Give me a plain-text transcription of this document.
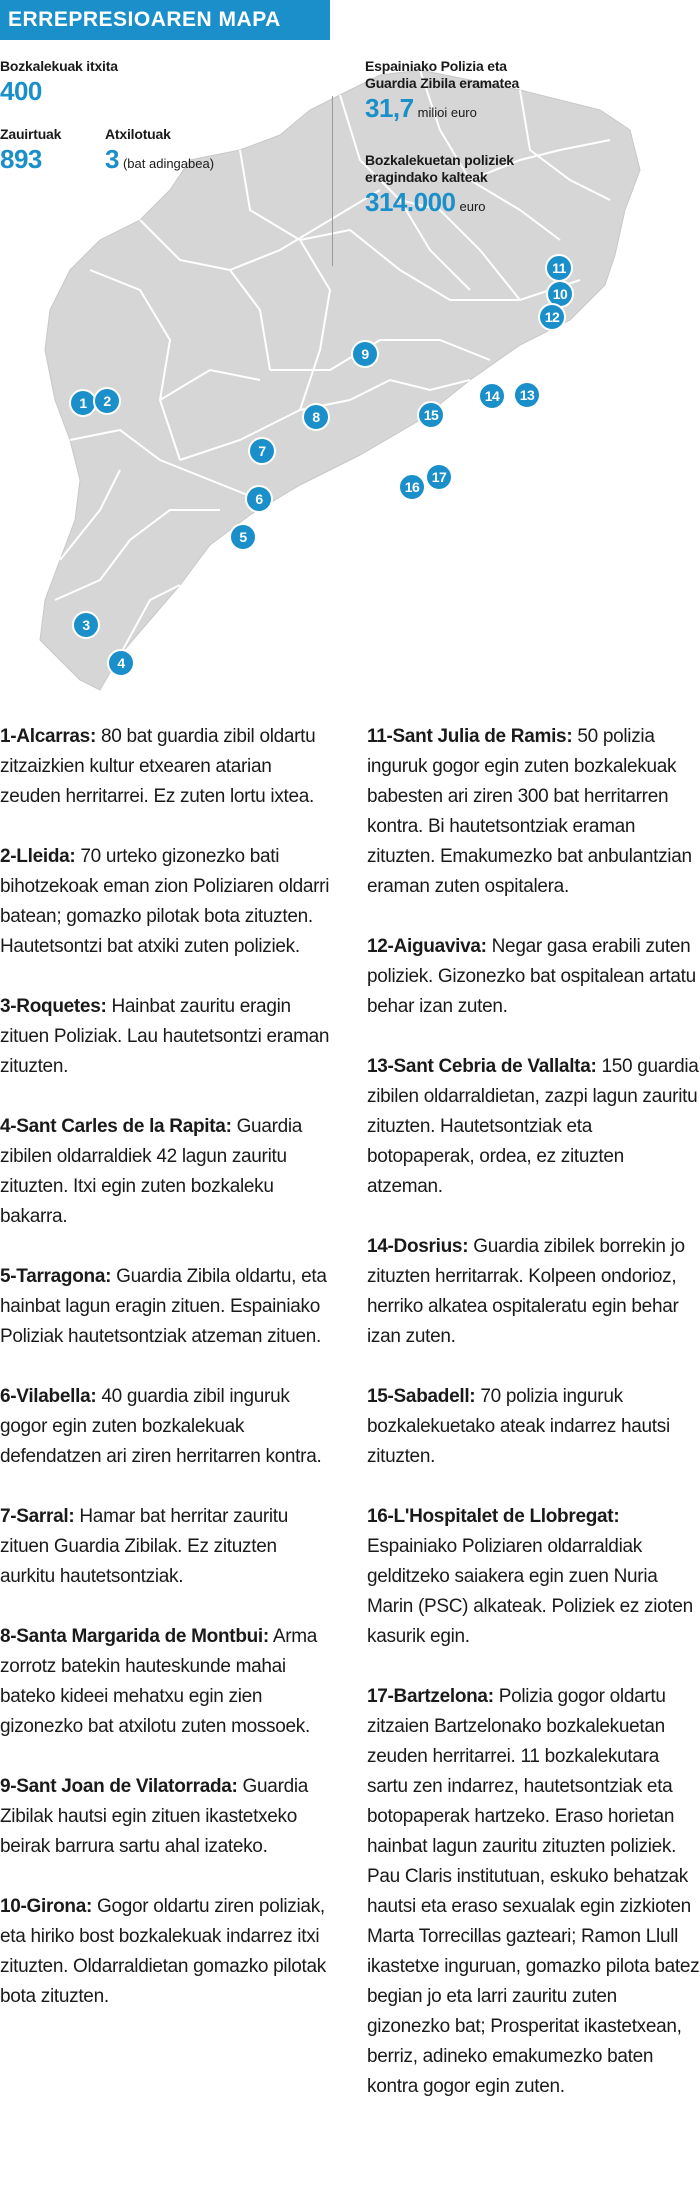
ERREPRESIOAREN MAPA
Bozkalekuak itxita
400
Zauirtuak
893
Atxilotuak
3 (bat adingabea)
Espainiako Polizia eta
Guardia Zibila eramatea
31,7 milioi euro
Bozkalekuetan poliziek
eragindako kalteak
314.000 euro
1	2
3
4
5
6
7
8
9
10
11
12
13
14
15
16
17

1-Alcarras: 80 bat guardia zibil oldartu zitzaizkien kultur etxearen atarian zeuden herritarrei. Ez zuten lortu ixtea.

2-Lleida: 70 urteko gizonezko bati bihotzekoak eman zion Poliziaren oldarri batean; gomazko pilotak bota zituzten. Hautetsontzi bat atxiki zuten poliziek.

3-Roquetes: Hainbat zauritu eragin zituen Poliziak. Lau hautetsontzi eraman zituzten.

4-Sant Carles de la Rapita: Guardia zibilen oldarraldiek 42 lagun zauritu zituzten. Itxi egin zuten bozkaleku bakarra.

5-Tarragona: Guardia Zibila oldartu, eta hainbat lagun eragin zituen. Espainiako Poliziak hautetsontziak atzeman zituen.

6-Vilabella: 40 guardia zibil inguruk gogor egin zuten bozkalekuak defendatzen ari ziren herritarren kontra.

7-Sarral: Hamar bat herritar zauritu zituen Guardia Zibilak. Ez zituzten aurkitu hautetsontziak.

8-Santa Margarida de Montbui: Arma zorrotz batekin hauteskunde mahai bateko kideei mehatxu egin zien gizonezko bat atxilotu zuten mossoek.

9-Sant Joan de Vilatorrada: Guardia Zibilak hautsi egin zituen ikastetxeko beirak barrura sartu ahal izateko.

10-Girona: Gogor oldartu ziren poliziak, eta hiriko bost bozkalekuak indarrez itxi zituzten. Oldarraldietan gomazko pilotak bota zituzten.

11-Sant Julia de Ramis: 50 polizia inguruk gogor egin zuten bozkalekuak babesten ari ziren 300 bat herritarren kontra. Bi hautetsontziak eraman zituzten. Emakumezko bat anbulantzian eraman zuten ospitalera.

12-Aiguaviva: Negar gasa erabili zuten poliziek. Gizonezko bat ospitalean artatu behar izan zuten.

13-Sant Cebria de Vallalta: 150 guardia zibilen oldarraldietan, zazpi lagun zauritu zituzten. Hautetsontziak eta botopaperak, ordea, ez zituzten atzeman.

14-Dosrius: Guardia zibilek borrekin jo zituzten herritarrak. Kolpeen ondorioz, herriko alkatea ospitaleratu egin behar izan zuten.

15-Sabadell: 70 polizia inguruk bozkalekuetako ateak indarrez hautsi zituzten.

16-L'Hospitalet de Llobregat: Espainiako Poliziaren oldarraldiak gelditzeko saiakera egin zuen Nuria Marin (PSC) alkateak. Poliziek ez zioten kasurik egin.

17-Bartzelona: Polizia gogor oldartu zitzaien Bartzelonako bozkalekuetan zeuden herritarrei. 11 bozkalekutara sartu zen indarrez, hautetsontziak eta botopaperak hartzeko. Eraso horietan hainbat lagun zauritu zituzten poliziek. Pau Claris institutuan, eskuko behatzak hautsi eta eraso sexualak egin zizkioten Marta Torrecillas gazteari; Ramon Llull ikastetxe inguruan, gomazko pilota batez begian jo eta larri zauritu zuten gizonezko bat; Prosperitat ikastetxean, berriz, adineko emakumezko baten kontra gogor egin zuten.
